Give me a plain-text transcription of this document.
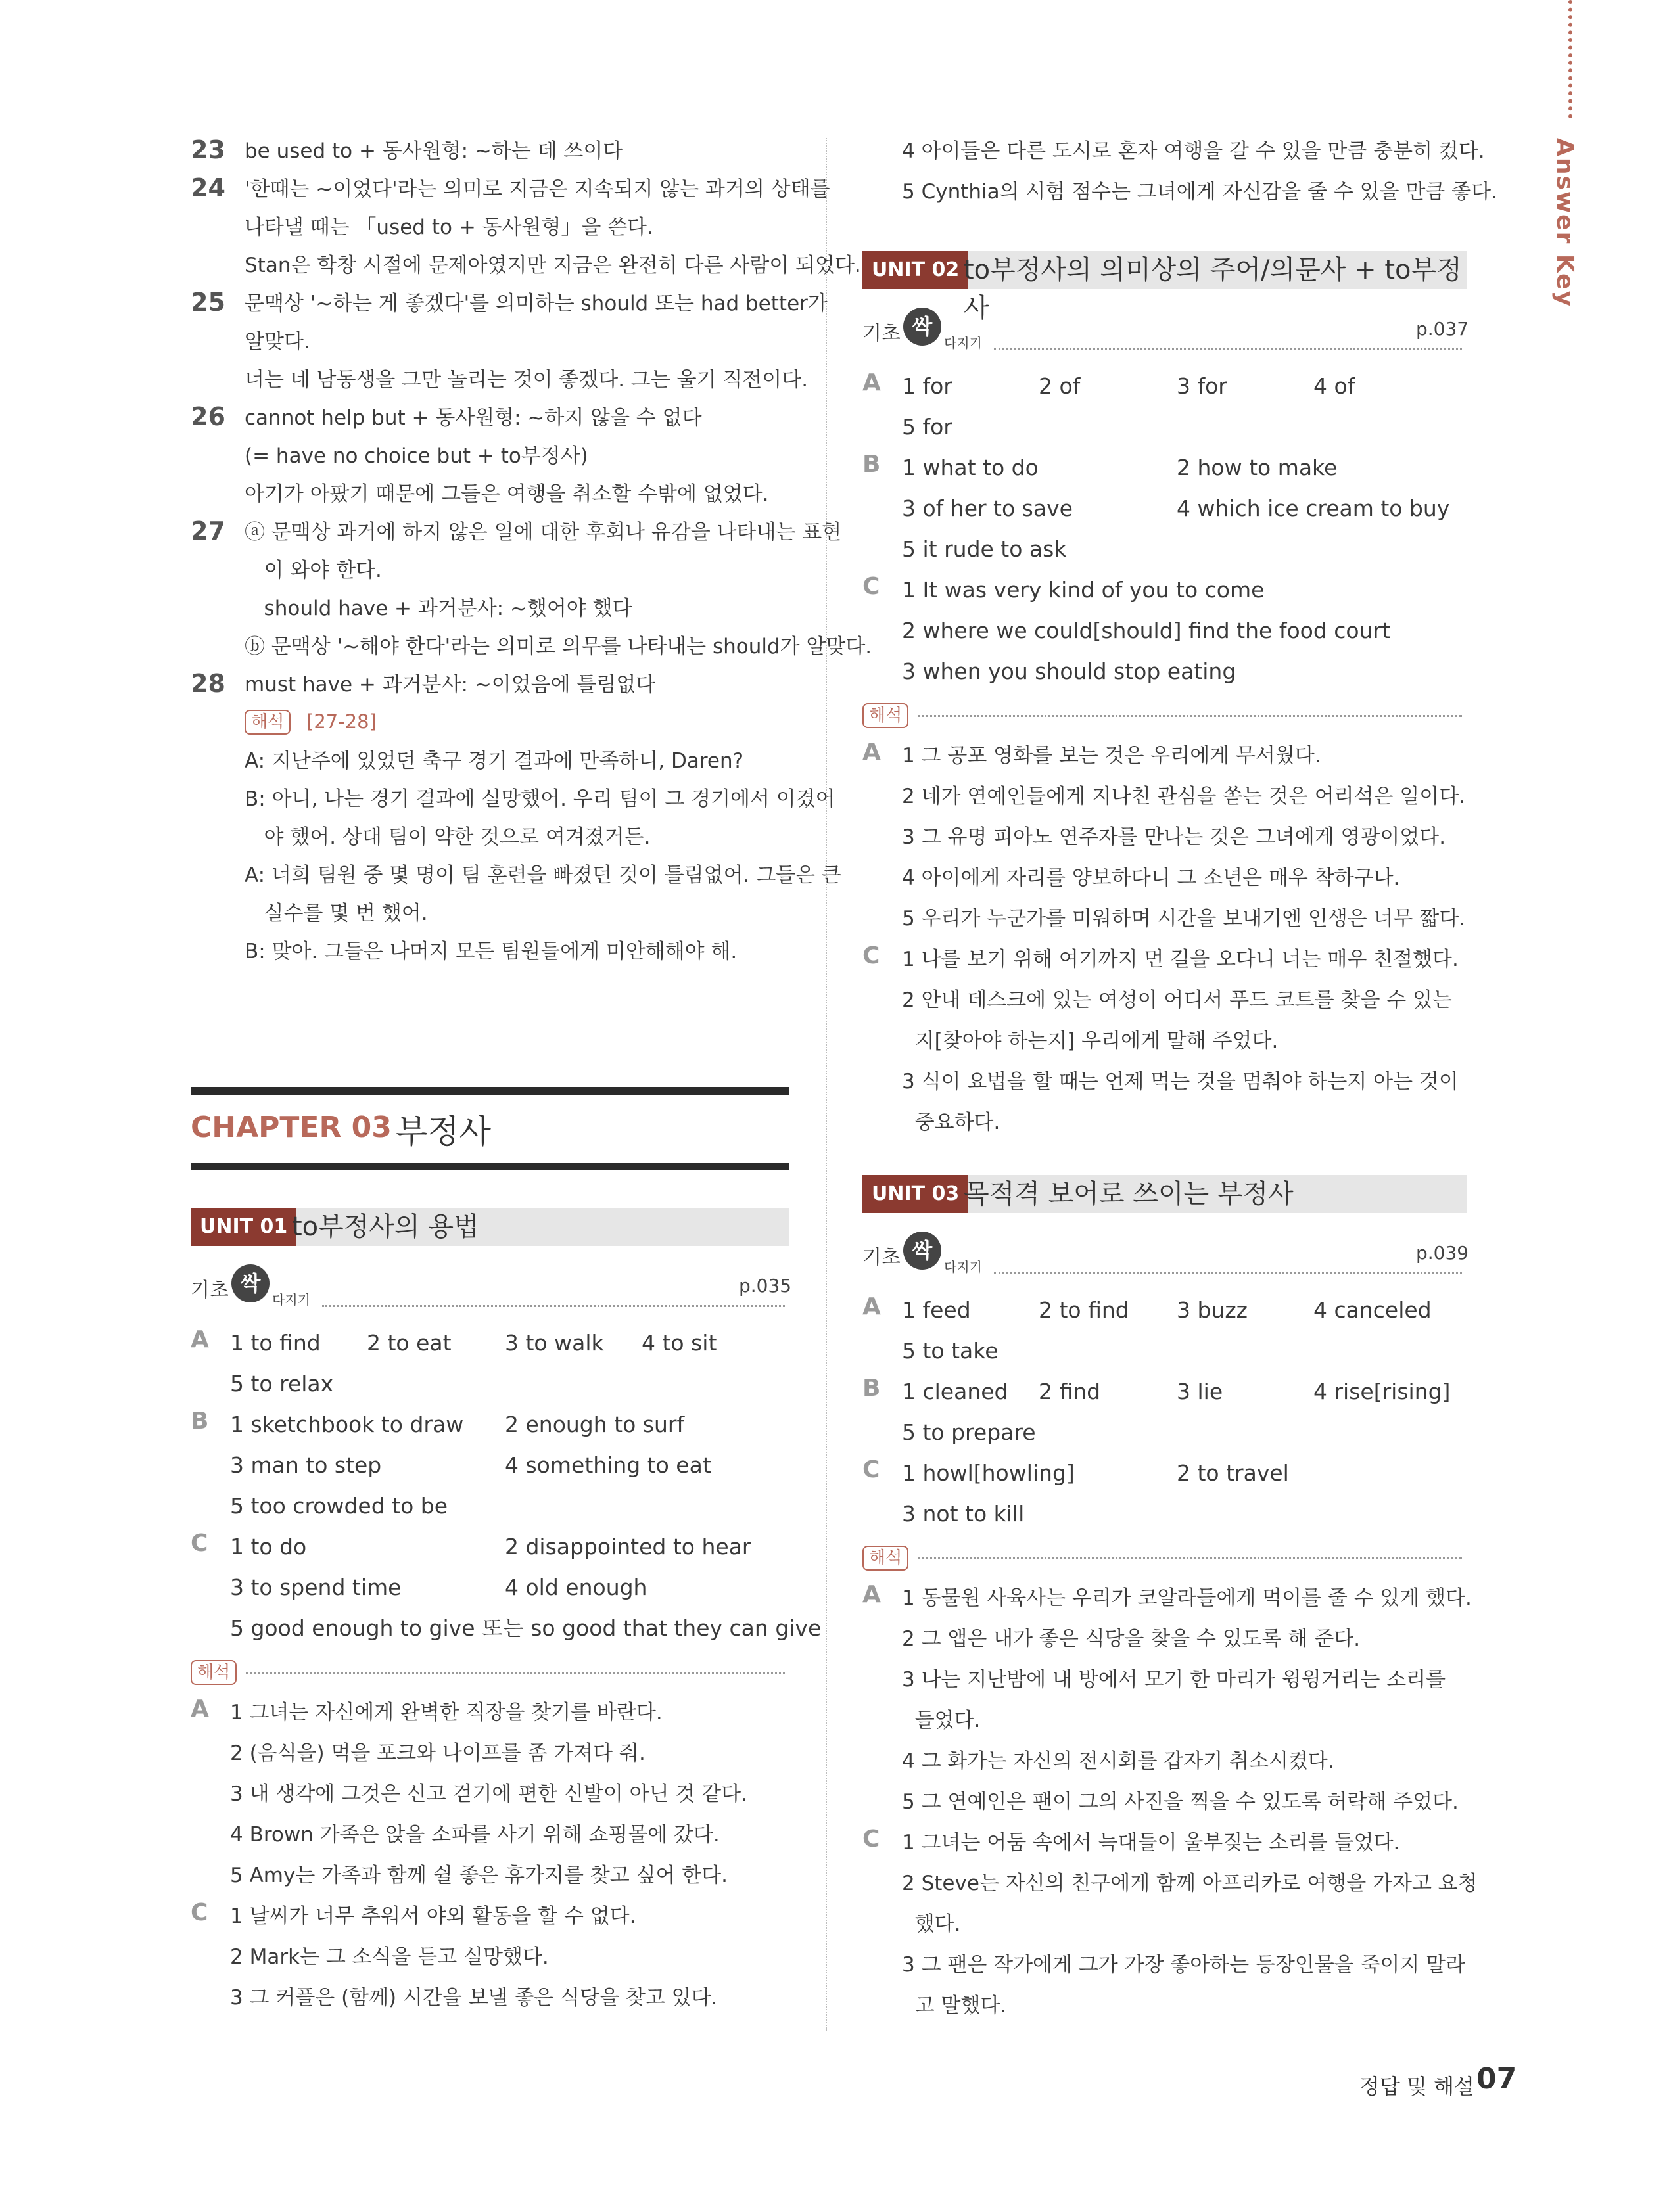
Answer Key
23 be used to + 동사원형: ~하는 데 쓰이다
24 '한때는 ~이었다'라는 의미로 지금은 지속되지 않는 과거의 상태를
나타낼 때는 「used to + 동사원형」을 쓴다.
Stan은 학창 시절에 문제아였지만 지금은 완전히 다른 사람이 되었다.
25 문맥상 '~하는 게 좋겠다'를 의미하는 should 또는 had better가
알맞다.
너는 네 남동생을 그만 놀리는 것이 좋겠다. 그는 울기 직전이다.
26 cannot help but + 동사원형: ~하지 않을 수 없다
(= have no choice but + to부정사)
아기가 아팠기 때문에 그들은 여행을 취소할 수밖에 없었다.
27 ⓐ 문맥상 과거에 하지 않은 일에 대한 후회나 유감을 나타내는 표현
이 와야 한다.
should have + 과거분사: ~했어야 했다
ⓑ 문맥상 '~해야 한다'라는 의미로 의무를 나타내는 should가 알맞다.
28 must have + 과거분사: ~이었음에 틀림없다
해석	[27-28]
A: 지난주에 있었던 축구 경기 결과에 만족하니, Daren?
B: 아니, 나는 경기 결과에 실망했어. 우리 팀이 그 경기에서 이겼어
야 했어. 상대 팀이 약한 것으로 여겨졌거든.
A: 너희 팀원 중 몇 명이 팀 훈련을 빠졌던 것이 틀림없어. 그들은 큰
실수를 몇 번 했어.
B: 맞아. 그들은 나머지 모든 팀원들에게 미안해해야 해.
CHAPTER 03 부정사
UNIT 01 to부정사의 용법
기초 싹
다지기
p.035
A 1 to find 2 to eat 3 to walk 4 to sit
5 to relax
B 1 sketchbook to draw 2 enough to surf
3 man to step	4 something to eat
5 too crowded to be
C 1 to do	2 disappointed to hear
3 to spend time	4 old enough
5 good enough to give 또는 so good that they can give
해석
A 1 그녀는 자신에게 완벽한 직장을 찾기를 바란다.
2 (음식을) 먹을 포크와 나이프를 좀 가져다 줘.
3 내 생각에 그것은 신고 걷기에 편한 신발이 아닌 것 같다.
4 Brown 가족은 앉을 소파를 사기 위해 쇼핑몰에 갔다.
5 Amy는 가족과 함께 쉴 좋은 휴가지를 찾고 싶어 한다.
C 1 날씨가 너무 추워서 야외 활동을 할 수 없다.
2 Mark는 그 소식을 듣고 실망했다.
3 그 커플은 (함께) 시간을 보낼 좋은 식당을 찾고 있다.
4 아이들은 다른 도시로 혼자 여행을 갈 수 있을 만큼 충분히 컸다.
5 Cynthia의 시험 점수는 그녀에게 자신감을 줄 수 있을 만큼 좋다.
UNIT 02 to부정사의 의미상의 주어/의문사 + to부정사
기초 싹
다지기
p.037
A 1 for	2 of	3 for	4 of
5 for
B 1 what to do	2 how to make
3 of her to save	4 which ice cream to buy
5 it rude to ask
C 1 It was very kind of you to come
2 where we could[should] find the food court
3 when you should stop eating
해석
A 1 그 공포 영화를 보는 것은 우리에게 무서웠다.
2 네가 연예인들에게 지나친 관심을 쏟는 것은 어리석은 일이다.
3 그 유명 피아노 연주자를 만나는 것은 그녀에게 영광이었다.
4 아이에게 자리를 양보하다니 그 소년은 매우 착하구나.
5 우리가 누군가를 미워하며 시간을 보내기엔 인생은 너무 짧다.
C 1 나를 보기 위해 여기까지 먼 길을 오다니 너는 매우 친절했다.
2 안내 데스크에 있는 여성이 어디서 푸드 코트를 찾을 수 있는
지[찾아야 하는지] 우리에게 말해 주었다.
3 식이 요법을 할 때는 언제 먹는 것을 멈춰야 하는지 아는 것이
중요하다.
UNIT 03 목적격 보어로 쓰이는 부정사
기초 싹
다지기
p.039
A 1 feed	2 to find 3 buzz	4 canceled
5 to take
B 1 cleaned 2 find	3 lie	4 rise[rising]
5 to prepare
C 1 howl[howling]	2 to travel
3 not to kill
해석
A 1 동물원 사육사는 우리가 코알라들에게 먹이를 줄 수 있게 했다.
2 그 앱은 내가 좋은 식당을 찾을 수 있도록 해 준다.
3 나는 지난밤에 내 방에서 모기 한 마리가 윙윙거리는 소리를
들었다.
4 그 화가는 자신의 전시회를 갑자기 취소시켰다.
5 그 연예인은 팬이 그의 사진을 찍을 수 있도록 허락해 주었다.
C 1 그녀는 어둠 속에서 늑대들이 울부짖는 소리를 들었다.
2 Steve는 자신의 친구에게 함께 아프리카로 여행을 가자고 요청
했다.
3 그 팬은 작가에게 그가 가장 좋아하는 등장인물을 죽이지 말라
고 말했다.
정답 및 해설 07
